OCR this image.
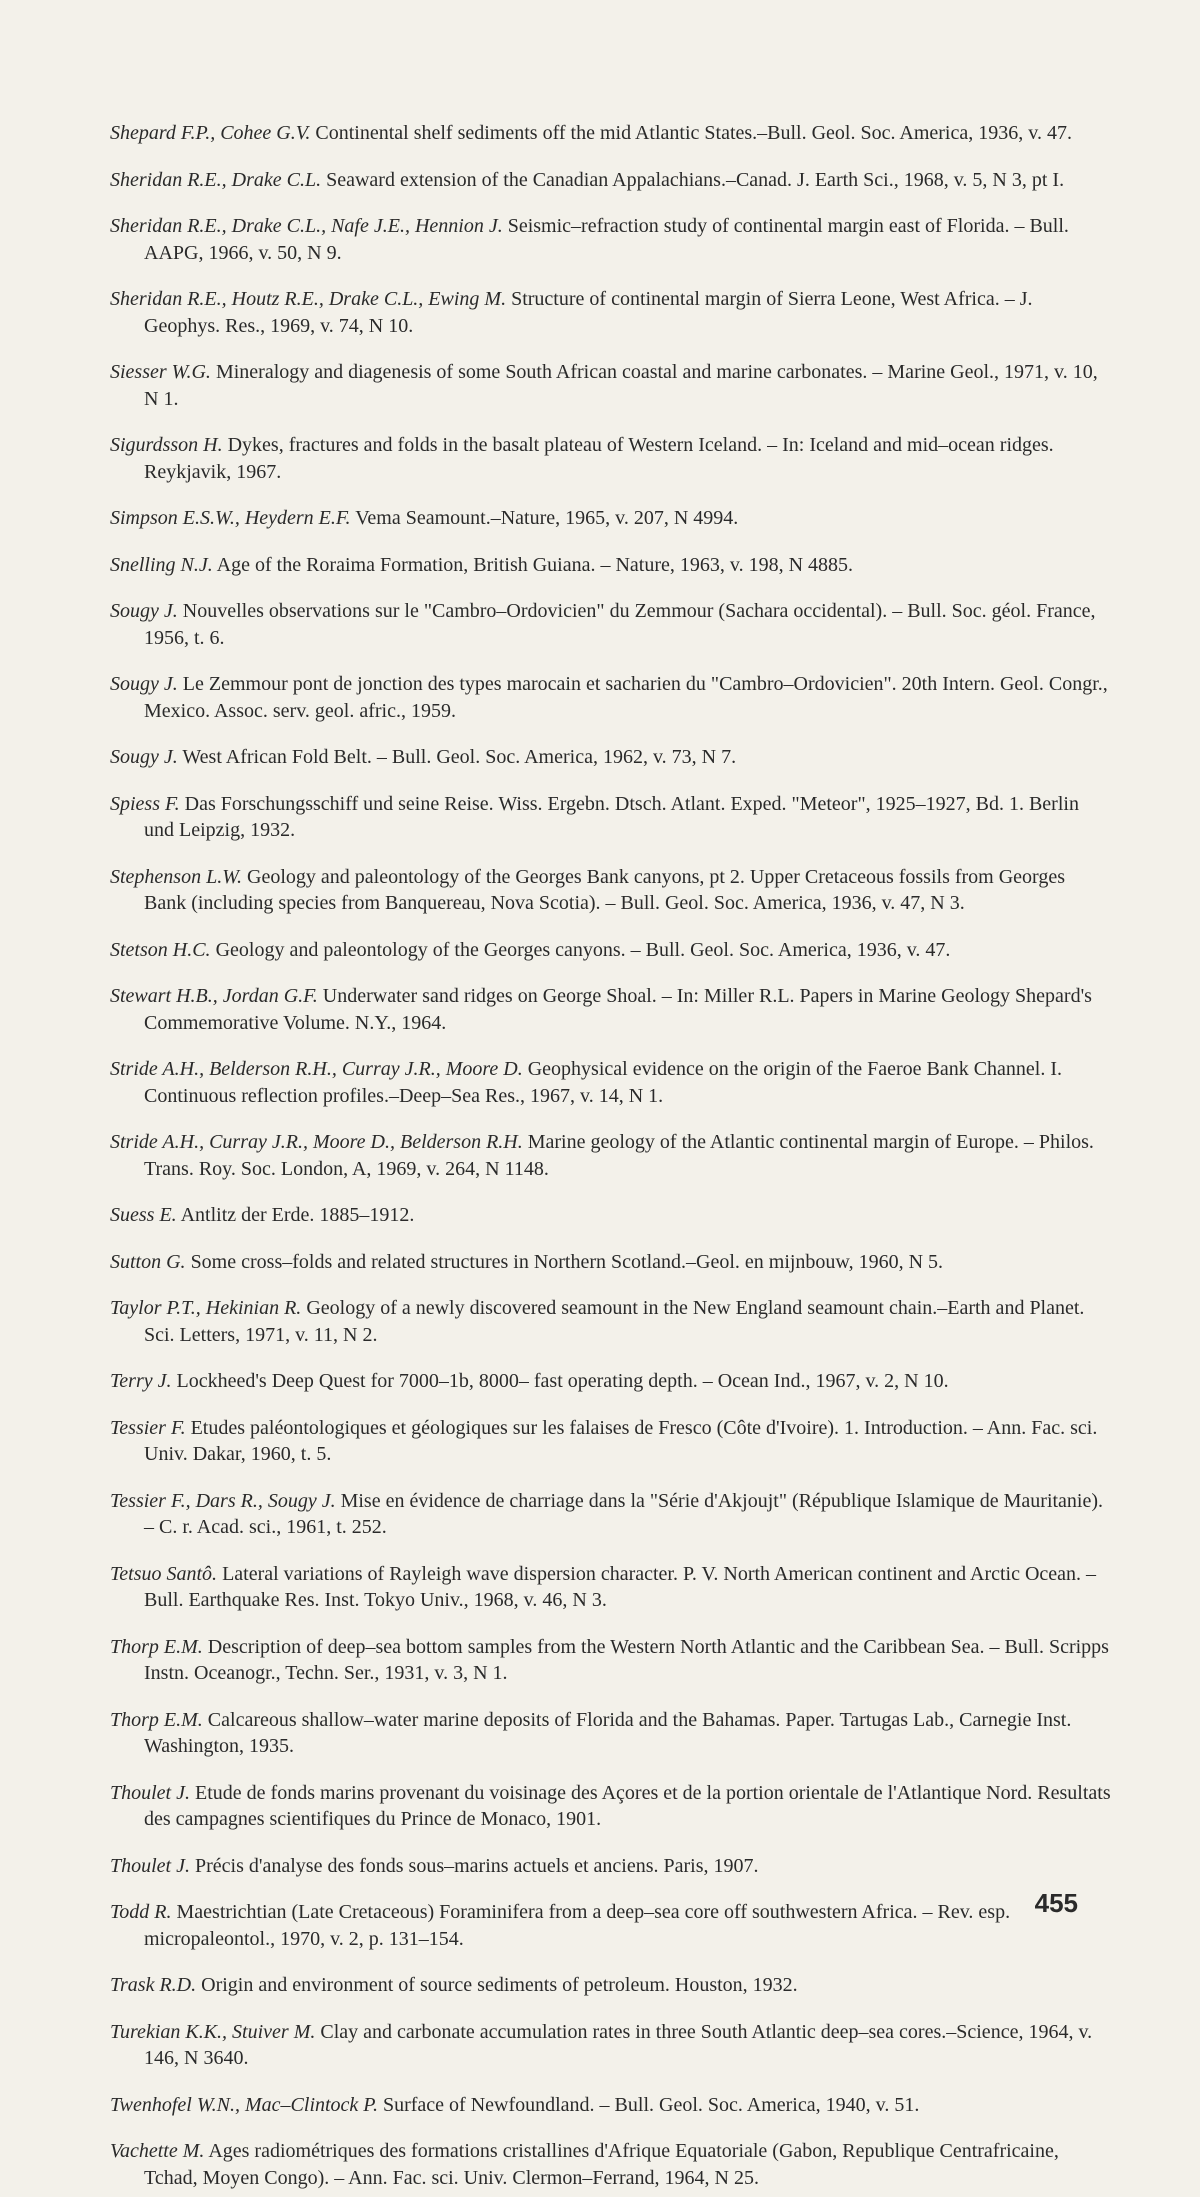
Shepard F.P., Cohee G.V. Continental shelf sediments off the mid Atlantic States.–Bull. Geol. Soc. America, 1936, v. 47.

Sheridan R.E., Drake C.L. Seaward extension of the Canadian Appalachians.–Canad. J. Earth Sci., 1968, v. 5, N 3, pt I.

Sheridan R.E., Drake C.L., Nafe J.E., Hennion J. Seismic–refraction study of continental margin east of Florida. – Bull. AAPG, 1966, v. 50, N 9.

Sheridan R.E., Houtz R.E., Drake C.L., Ewing M. Structure of continental margin of Sierra Leone, West Africa. – J. Geophys. Res., 1969, v. 74, N 10.

Siesser W.G. Mineralogy and diagenesis of some South African coastal and marine carbonates. – Marine Geol., 1971, v. 10, N 1.

Sigurdsson H. Dykes, fractures and folds in the basalt plateau of Western Iceland. – In: Iceland and mid–ocean ridges. Reykjavik, 1967.

Simpson E.S.W., Heydern E.F. Vema Seamount.–Nature, 1965, v. 207, N 4994.

Snelling N.J. Age of the Roraima Formation, British Guiana. – Nature, 1963, v. 198, N 4885.

Sougy J. Nouvelles observations sur le "Cambro–Ordovicien" du Zemmour (Sachara occidental). – Bull. Soc. géol. France, 1956, t. 6.

Sougy J. Le Zemmour pont de jonction des types marocain et sacharien du "Cambro–Ordovicien". 20th Intern. Geol. Congr., Mexico. Assoc. serv. geol. afric., 1959.

Sougy J. West African Fold Belt. – Bull. Geol. Soc. America, 1962, v. 73, N 7.

Spiess F. Das Forschungsschiff und seine Reise. Wiss. Ergebn. Dtsch. Atlant. Exped. "Meteor", 1925–1927, Bd. 1. Berlin und Leipzig, 1932.

Stephenson L.W. Geology and paleontology of the Georges Bank canyons, pt 2. Upper Cretaceous fossils from Georges Bank (including species from Banquereau, Nova Scotia). – Bull. Geol. Soc. America, 1936, v. 47, N 3.

Stetson H.C. Geology and paleontology of the Georges canyons. – Bull. Geol. Soc. America, 1936, v. 47.

Stewart H.B., Jordan G.F. Underwater sand ridges on George Shoal. – In: Miller R.L. Papers in Marine Geology Shepard's Commemorative Volume. N.Y., 1964.

Stride A.H., Belderson R.H., Curray J.R., Moore D. Geophysical evidence on the origin of the Faeroe Bank Channel. I. Continuous reflection profiles.–Deep–Sea Res., 1967, v. 14, N 1.

Stride A.H., Curray J.R., Moore D., Belderson R.H. Marine geology of the Atlantic continental margin of Europe. – Philos. Trans. Roy. Soc. London, A, 1969, v. 264, N 1148.

Suess E. Antlitz der Erde. 1885–1912.

Sutton G. Some cross–folds and related structures in Northern Scotland.–Geol. en mijnbouw, 1960, N 5.

Taylor P.T., Hekinian R. Geology of a newly discovered seamount in the New England seamount chain.–Earth and Planet. Sci. Letters, 1971, v. 11, N 2.

Terry J. Lockheed's Deep Quest for 7000–1b, 8000– fast operating depth. – Ocean Ind., 1967, v. 2, N 10.

Tessier F. Etudes paléontologiques et géologiques sur les falaises de Fresco (Côte d'Ivoire). 1. Introduction. – Ann. Fac. sci. Univ. Dakar, 1960, t. 5.

Tessier F., Dars R., Sougy J. Mise en évidence de charriage dans la "Série d'Akjoujt" (République Islamique de Mauritanie). – C. r. Acad. sci., 1961, t. 252.

Tetsuo Santô. Lateral variations of Rayleigh wave dispersion character. P. V. North American continent and Arctic Ocean. – Bull. Earthquake Res. Inst. Tokyo Univ., 1968, v. 46, N 3.

Thorp E.M. Description of deep–sea bottom samples from the Western North Atlantic and the Caribbean Sea. – Bull. Scripps Instn. Oceanogr., Techn. Ser., 1931, v. 3, N 1.

Thorp E.M. Calcareous shallow–water marine deposits of Florida and the Bahamas. Paper. Tartugas Lab., Carnegie Inst. Washington, 1935.

Thoulet J. Etude de fonds marins provenant du voisinage des Açores et de la portion orientale de l'Atlantique Nord. Resultats des campagnes scientifiques du Prince de Monaco, 1901.

Thoulet J. Précis d'analyse des fonds sous–marins actuels et anciens. Paris, 1907.

Todd R. Maestrichtian (Late Cretaceous) Foraminifera from a deep–sea core off southwestern Africa. – Rev. esp. micropaleontol., 1970, v. 2, p. 131–154.

Trask R.D. Origin and environment of source sediments of petroleum. Houston, 1932.

Turekian K.K., Stuiver M. Clay and carbonate accumulation rates in three South Atlantic deep–sea cores.–Science, 1964, v. 146, N 3640.

Twenhofel W.N., Mac–Clintock P. Surface of Newfoundland. – Bull. Geol. Soc. America, 1940, v. 51.

Vachette M. Ages radiométriques des formations cristallines d'Afrique Equatoriale (Gabon, Republique Centrafricaine, Tchad, Moyen Congo). – Ann. Fac. sci. Univ. Clermon–Ferrand, 1964, N 25.

455
